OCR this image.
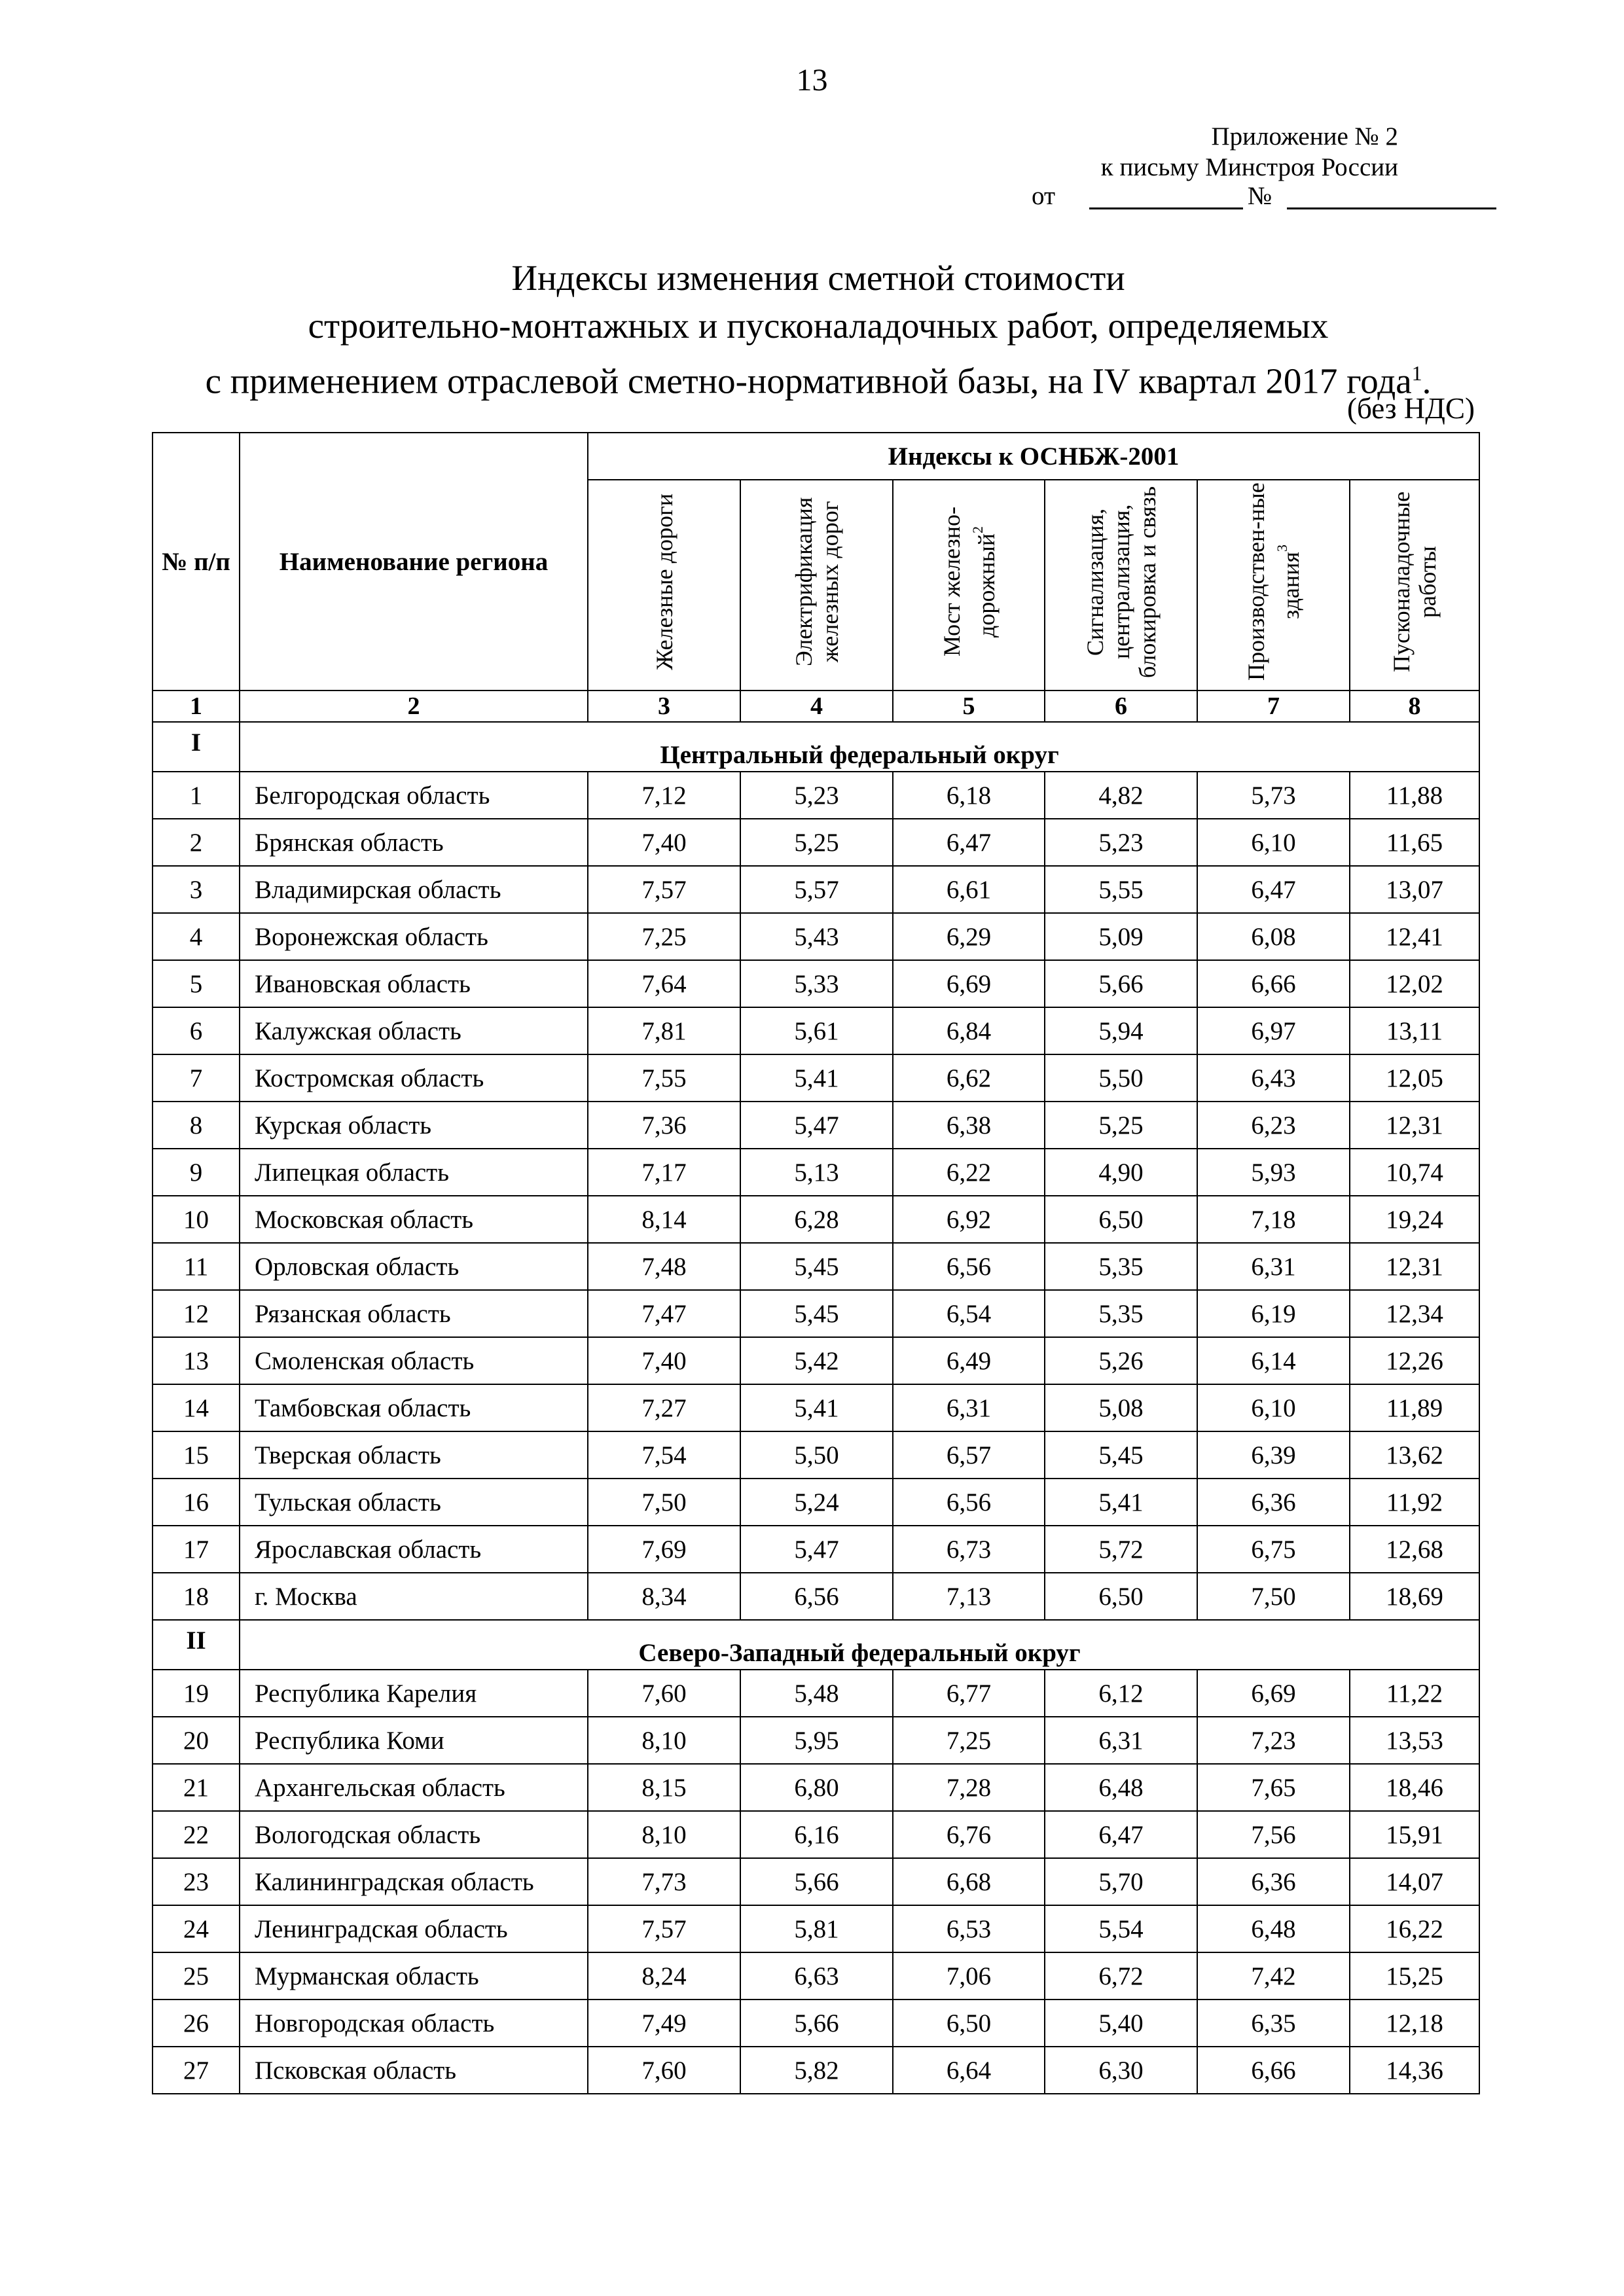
13
Приложение № 2
к письму Минстроя России
от	№
Индексы изменения сметной стоимости
строительно-монтажных и пусконаладочных работ, определяемых
с применением отраслевой сметно-нормативной базы, на IV квартал 2017 года$^1$.
(без НДС)
№ п/п	Наименование региона	Индексы к ОСНБЖ-2001					
		Железные дороги	Электрификация железных дорог	Мост железно-дорожный$^2$	Сигнализация, централизация, блокировка и связь	Производствен-ные здания$^3$	Пусконаладочные работы
1	2	3	4	5	6	7	8
I	Центральный федеральный округ						
1	Белгородская область	7,12	5,23	6,18	4,82	5,73	11,88
2	Брянская область	7,40	5,25	6,47	5,23	6,10	11,65
3	Владимирская область	7,57	5,57	6,61	5,55	6,47	13,07
4	Воронежская область	7,25	5,43	6,29	5,09	6,08	12,41
5	Ивановская область	7,64	5,33	6,69	5,66	6,66	12,02
6	Калужская область	7,81	5,61	6,84	5,94	6,97	13,11
7	Костромская область	7,55	5,41	6,62	5,50	6,43	12,05
8	Курская область	7,36	5,47	6,38	5,25	6,23	12,31
9	Липецкая область	7,17	5,13	6,22	4,90	5,93	10,74
10	Московская область	8,14	6,28	6,92	6,50	7,18	19,24
11	Орловская область	7,48	5,45	6,56	5,35	6,31	12,31
12	Рязанская область	7,47	5,45	6,54	5,35	6,19	12,34
13	Смоленская область	7,40	5,42	6,49	5,26	6,14	12,26
14	Тамбовская область	7,27	5,41	6,31	5,08	6,10	11,89
15	Тверская область	7,54	5,50	6,57	5,45	6,39	13,62
16	Тульская область	7,50	5,24	6,56	5,41	6,36	11,92
17	Ярославская область	7,69	5,47	6,73	5,72	6,75	12,68
18	г. Москва	8,34	6,56	7,13	6,50	7,50	18,69
II	Северо-Западный федеральный округ						
19	Республика Карелия	7,60	5,48	6,77	6,12	6,69	11,22
20	Республика Коми	8,10	5,95	7,25	6,31	7,23	13,53
21	Архангельская область	8,15	6,80	7,28	6,48	7,65	18,46
22	Вологодская область	8,10	6,16	6,76	6,47	7,56	15,91
23	Калининградская область	7,73	5,66	6,68	5,70	6,36	14,07
24	Ленинградская область	7,57	5,81	6,53	5,54	6,48	16,22
25	Мурманская область	8,24	6,63	7,06	6,72	7,42	15,25
26	Новгородская область	7,49	5,66	6,50	5,40	6,35	12,18
27	Псковская область	7,60	5,82	6,64	6,30	6,66	14,36
